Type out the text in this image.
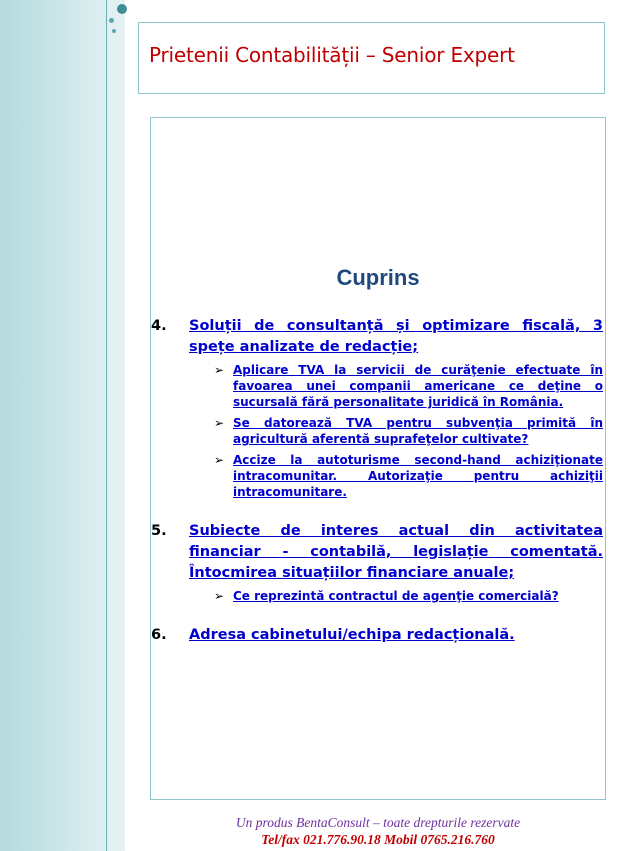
Prietenii Contabilității – Senior Expert
Cuprins
4.	Soluții de consultanță și optimizare fiscală, 3 spețe analizate de redacție;
➢ Aplicare TVA la servicii de curăţenie efectuate în favoarea unei companii americane ce deţine o sucursală fără personalitate juridică în România.
➢ Se datorează TVA pentru subvenţia primită în agricultură aferentă suprafeţelor cultivate?
➢ Accize la autoturisme second-hand achiziţionate intracomunitar. Autorizaţie pentru achiziţii intracomunitare.
5.	Subiecte de interes actual din activitatea financiar - contabilă, legislație comentată. Întocmirea situațiilor financiare anuale;
➢ Ce reprezintă contractul de agenţie comercială?
6.	Adresa cabinetului/echipa redacțională.
Un produs BentaConsult – toate drepturile rezervate
Tel/fax 021.776.90.18 Mobil 0765.216.760
